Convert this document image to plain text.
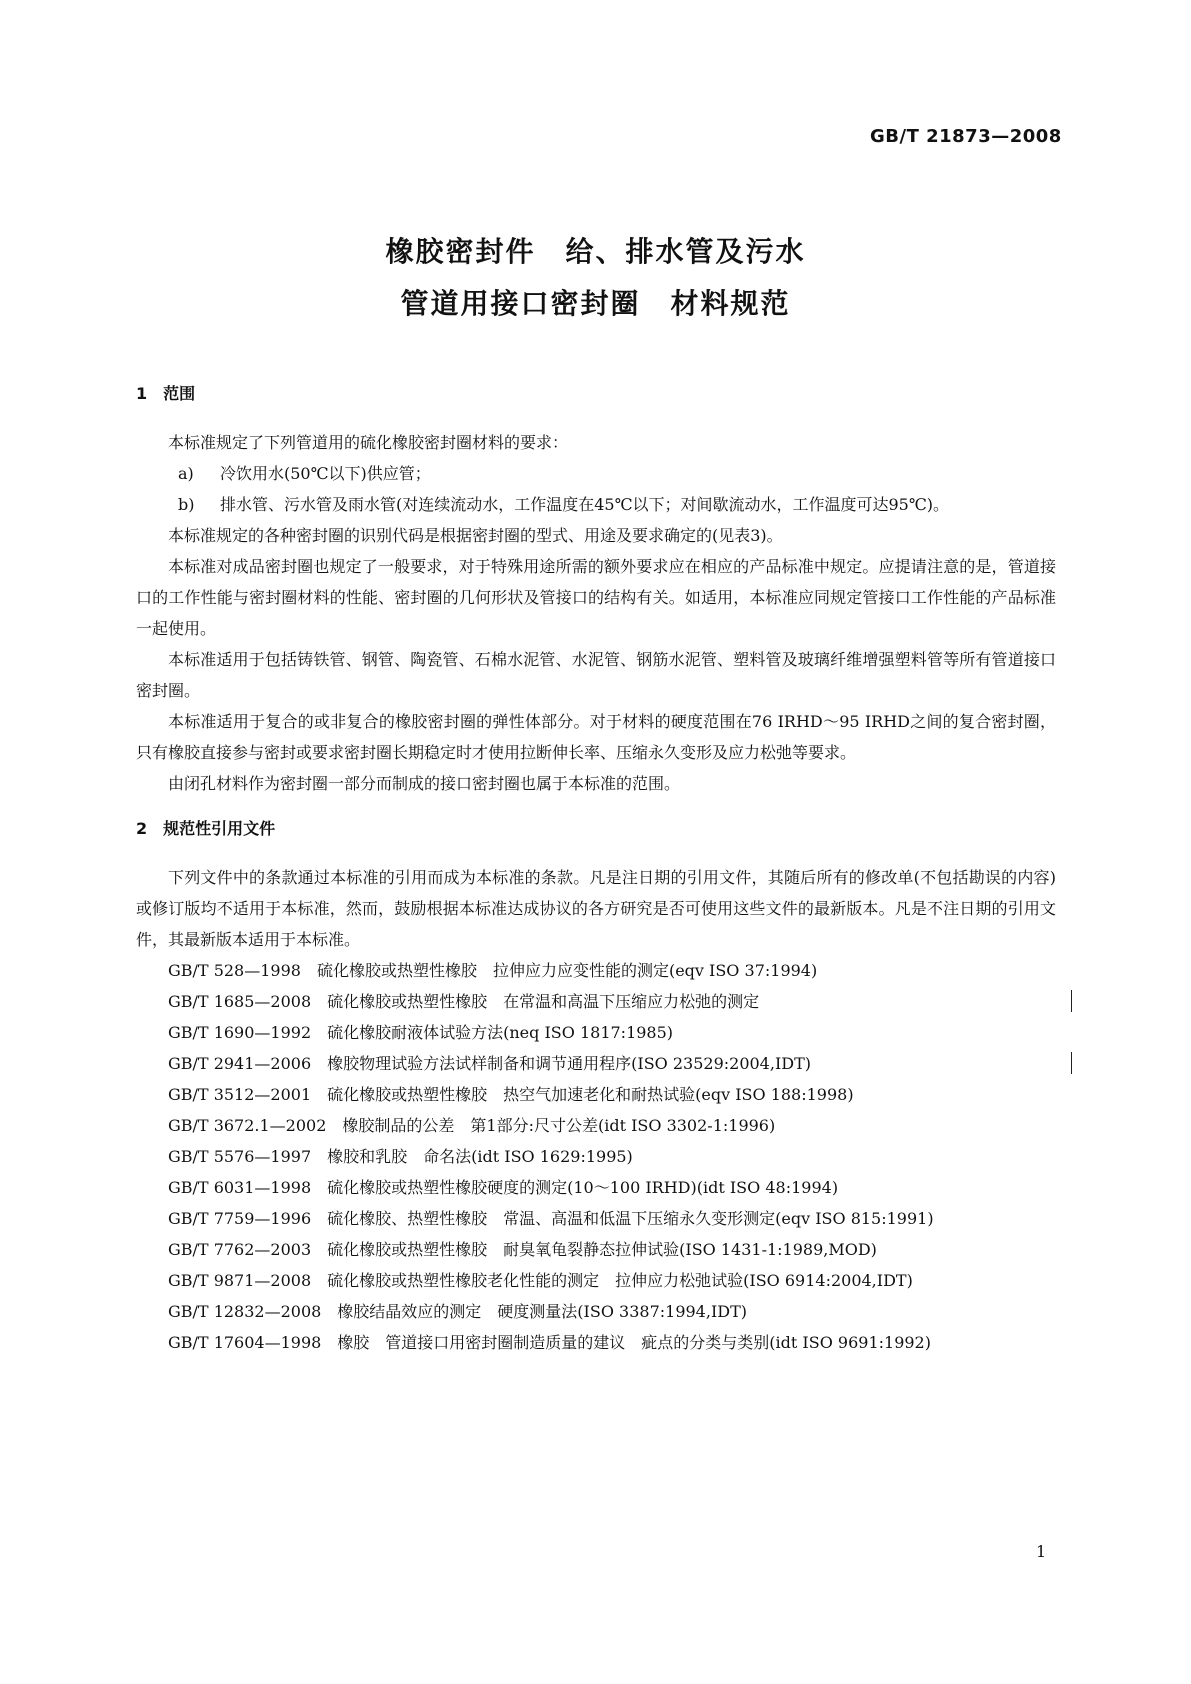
GB/T 21873—2008
橡胶密封件　给、排水管及污水
管道用接口密封圈　材料规范
1　范围

本标准规定了下列管道用的硫化橡胶密封圈材料的要求：

a) 冷饮用水(50℃以下)供应管；
b) 排水管、污水管及雨水管(对连续流动水，工作温度在45℃以下；对间歇流动水，工作温度可达95℃)。

本标准规定的各种密封圈的识别代码是根据密封圈的型式、用途及要求确定的(见表3)。

本标准对成品密封圈也规定了一般要求，对于特殊用途所需的额外要求应在相应的产品标准中规定。应提请注意的是，管道接口的工作性能与密封圈材料的性能、密封圈的几何形状及管接口的结构有关。如适用，本标准应同规定管接口工作性能的产品标准一起使用。

本标准适用于包括铸铁管、钢管、陶瓷管、石棉水泥管、水泥管、钢筋水泥管、塑料管及玻璃纤维增强塑料管等所有管道接口密封圈。

本标准适用于复合的或非复合的橡胶密封圈的弹性体部分。对于材料的硬度范围在76 IRHD～95 IRHD之间的复合密封圈，只有橡胶直接参与密封或要求密封圈长期稳定时才使用拉断伸长率、压缩永久变形及应力松弛等要求。

由闭孔材料作为密封圈一部分而制成的接口密封圈也属于本标准的范围。

2　规范性引用文件

下列文件中的条款通过本标准的引用而成为本标准的条款。凡是注日期的引用文件，其随后所有的修改单(不包括勘误的内容)或修订版均不适用于本标准，然而，鼓励根据本标准达成协议的各方研究是否可使用这些文件的最新版本。凡是不注日期的引用文件，其最新版本适用于本标准。

GB/T 528—1998　硫化橡胶或热塑性橡胶　拉伸应力应变性能的测定(eqv ISO 37:1994)
GB/T 1685—2008　硫化橡胶或热塑性橡胶　在常温和高温下压缩应力松弛的测定
GB/T 1690—1992　硫化橡胶耐液体试验方法(neq ISO 1817:1985)
GB/T 2941—2006　橡胶物理试验方法试样制备和调节通用程序(ISO 23529:2004,IDT)
GB/T 3512—2001　硫化橡胶或热塑性橡胶　热空气加速老化和耐热试验(eqv ISO 188:1998)
GB/T 3672.1—2002　橡胶制品的公差　第1部分:尺寸公差(idt ISO 3302-1:1996)
GB/T 5576—1997　橡胶和乳胶　命名法(idt ISO 1629:1995)
GB/T 6031—1998　硫化橡胶或热塑性橡胶硬度的测定(10～100 IRHD)(idt ISO 48:1994)
GB/T 7759—1996　硫化橡胶、热塑性橡胶　常温、高温和低温下压缩永久变形测定(eqv ISO 815:1991)
GB/T 7762—2003　硫化橡胶或热塑性橡胶　耐臭氧龟裂静态拉伸试验(ISO 1431-1:1989,MOD)
GB/T 9871—2008　硫化橡胶或热塑性橡胶老化性能的测定　拉伸应力松弛试验(ISO 6914:2004,IDT)
GB/T 12832—2008　橡胶结晶效应的测定　硬度测量法(ISO 3387:1994,IDT)
GB/T 17604—1998　橡胶　管道接口用密封圈制造质量的建议　疵点的分类与类别(idt ISO 9691:1992)
1
